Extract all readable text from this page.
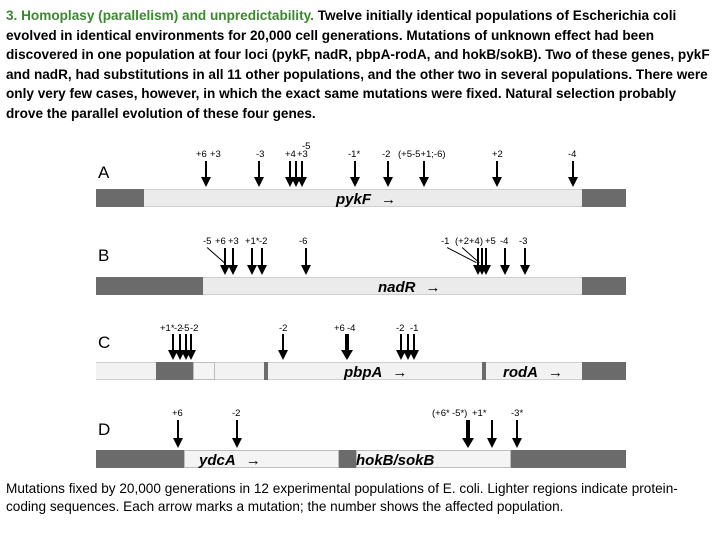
3. Homoplasy (parallelism) and unpredictability. Twelve initially identical populations of Escherichia coli evolved in identical environments for 20,000 cell generations. Mutations of unknown effect had been discovered in one population at four loci (pykF, nadR, pbpA-rodA, and hokB/sokB). Two of these genes, pykF and nadR, had substitutions in all 11 other populations, and the other two in several populations. There were only very few cases, however, in which the exact same mutations were fixed. Natural selection probably drove the parallel evolution of these four genes.
A
pykF →
+6 +3	-3 +4 +3
-5
-1* -2 (+5-5+1;-6)	+2	-4
B
nadR →
-5 +6 +3 +1* -2	-6	-1 (+2+4) +5 -4 -3
C
pbpA →	rodA →
+1* -2
-5 -2	-2	+6 -4	-2 -1
D
ydcA →	hokB/sokB
+6	-2	(+6* -5*) +1*	-3*
Mutations fixed by 20,000 generations in 12 experimental populations of E. coli. Lighter regions indicate protein-coding sequences. Each arrow marks a mutation; the number shows the affected population.
